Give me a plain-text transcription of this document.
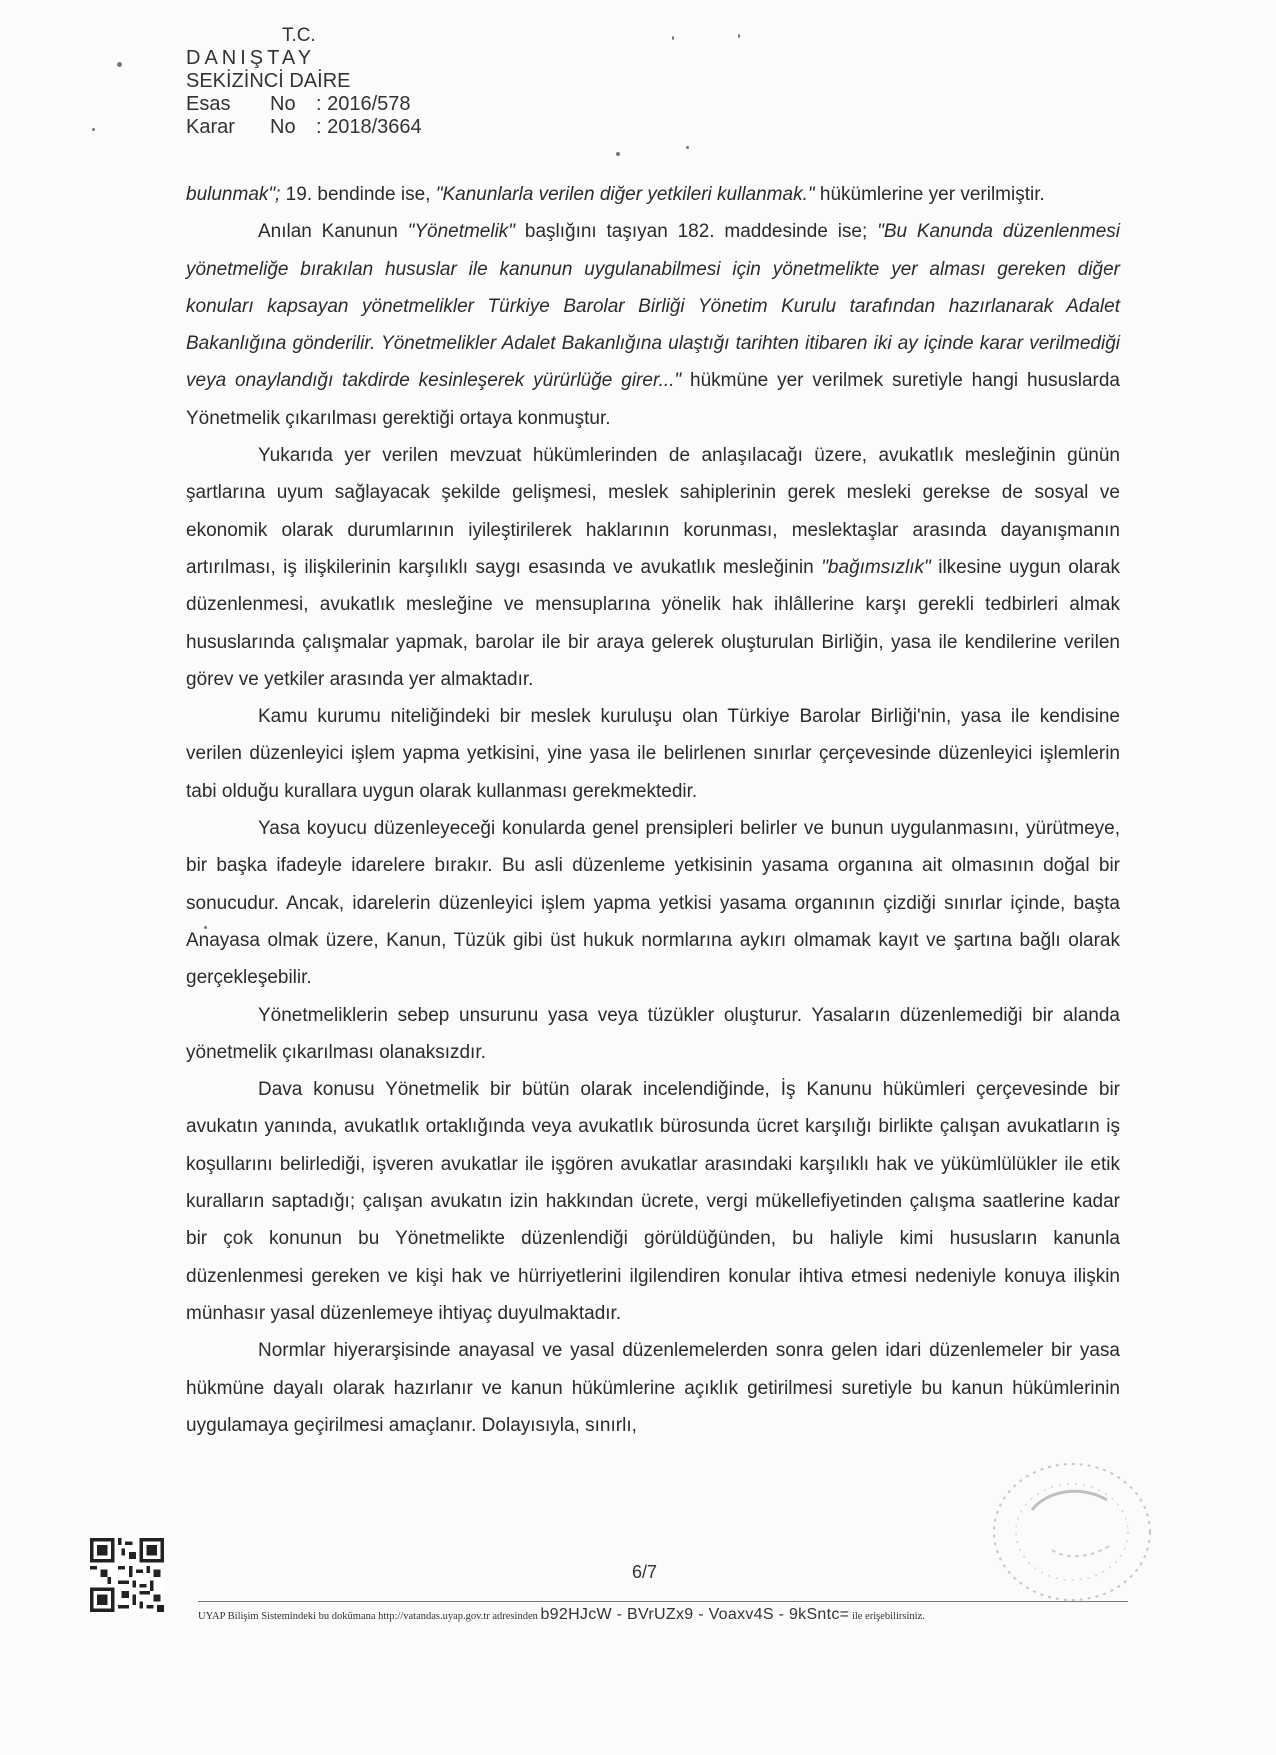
T.C.
DANIŞTAY
SEKİZİNCİ DAİRE
Esas No : 2016/578
Karar No : 2018/3664

bulunmak"; 19. bendinde ise, "Kanunlarla verilen diğer yetkileri kullanmak." hükümlerine yer verilmiştir.

Anılan Kanunun "Yönetmelik" başlığını taşıyan 182. maddesinde ise; "Bu Kanunda düzenlenmesi yönetmeliğe bırakılan hususlar ile kanunun uygulanabilmesi için yönetmelikte yer alması gereken diğer konuları kapsayan yönetmelikler Türkiye Barolar Birliği Yönetim Kurulu tarafından hazırlanarak Adalet Bakanlığına gönderilir. Yönetmelikler Adalet Bakanlığına ulaştığı tarihten itibaren iki ay içinde karar verilmediği veya onaylandığı takdirde kesinleşerek yürürlüğe girer..." hükmüne yer verilmek suretiyle hangi hususlarda Yönetmelik çıkarılması gerektiği ortaya konmuştur.

Yukarıda yer verilen mevzuat hükümlerinden de anlaşılacağı üzere, avukatlık mesleğinin günün şartlarına uyum sağlayacak şekilde gelişmesi, meslek sahiplerinin gerek mesleki gerekse de sosyal ve ekonomik olarak durumlarının iyileştirilerek haklarının korunması, meslektaşlar arasında dayanışmanın artırılması, iş ilişkilerinin karşılıklı saygı esasında ve avukatlık mesleğinin "bağımsızlık" ilkesine uygun olarak düzenlenmesi, avukatlık mesleğine ve mensuplarına yönelik hak ihlâllerine karşı gerekli tedbirleri almak hususlarında çalışmalar yapmak, barolar ile bir araya gelerek oluşturulan Birliğin, yasa ile kendilerine verilen görev ve yetkiler arasında yer almaktadır.

Kamu kurumu niteliğindeki bir meslek kuruluşu olan Türkiye Barolar Birliği'nin, yasa ile kendisine verilen düzenleyici işlem yapma yetkisini, yine yasa ile belirlenen sınırlar çerçevesinde düzenleyici işlemlerin tabi olduğu kurallara uygun olarak kullanması gerekmektedir.

Yasa koyucu düzenleyeceği konularda genel prensipleri belirler ve bunun uygulanmasını, yürütmeye, bir başka ifadeyle idarelere bırakır. Bu asli düzenleme yetkisinin yasama organına ait olmasının doğal bir sonucudur. Ancak, idarelerin düzenleyici işlem yapma yetkisi yasama organının çizdiği sınırlar içinde, başta Anayasa olmak üzere, Kanun, Tüzük gibi üst hukuk normlarına aykırı olmamak kayıt ve şartına bağlı olarak gerçekleşebilir.

Yönetmeliklerin sebep unsurunu yasa veya tüzükler oluşturur. Yasaların düzenlemediği bir alanda yönetmelik çıkarılması olanaksızdır.

Dava konusu Yönetmelik bir bütün olarak incelendiğinde, İş Kanunu hükümleri çerçevesinde bir avukatın yanında, avukatlık ortaklığında veya avukatlık bürosunda ücret karşılığı birlikte çalışan avukatların iş koşullarını belirlediği, işveren avukatlar ile işgören avukatlar arasındaki karşılıklı hak ve yükümlülükler ile etik kuralların saptadığı; çalışan avukatın izin hakkından ücrete, vergi mükellefiyetinden çalışma saatlerine kadar bir çok konunun bu Yönetmelikte düzenlendiği görüldüğünden, bu haliyle kimi hususların kanunla düzenlenmesi gereken ve kişi hak ve hürriyetlerini ilgilendiren konular ihtiva etmesi nedeniyle konuya ilişkin münhasır yasal düzenlemeye ihtiyaç duyulmaktadır.

Normlar hiyerarşisinde anayasal ve yasal düzenlemelerden sonra gelen idari düzenlemeler bir yasa hükmüne dayalı olarak hazırlanır ve kanun hükümlerine açıklık getirilmesi suretiyle bu kanun hükümlerinin uygulamaya geçirilmesi amaçlanır. Dolayısıyla, sınırlı,

6/7
UYAP Bilişim Sistemindeki bu dokümana http://vatandas.uyap.gov.tr adresinden b92HJcW - BVrUZx9 - Voaxv4S - 9kSntc= ile erişebilirsiniz.
